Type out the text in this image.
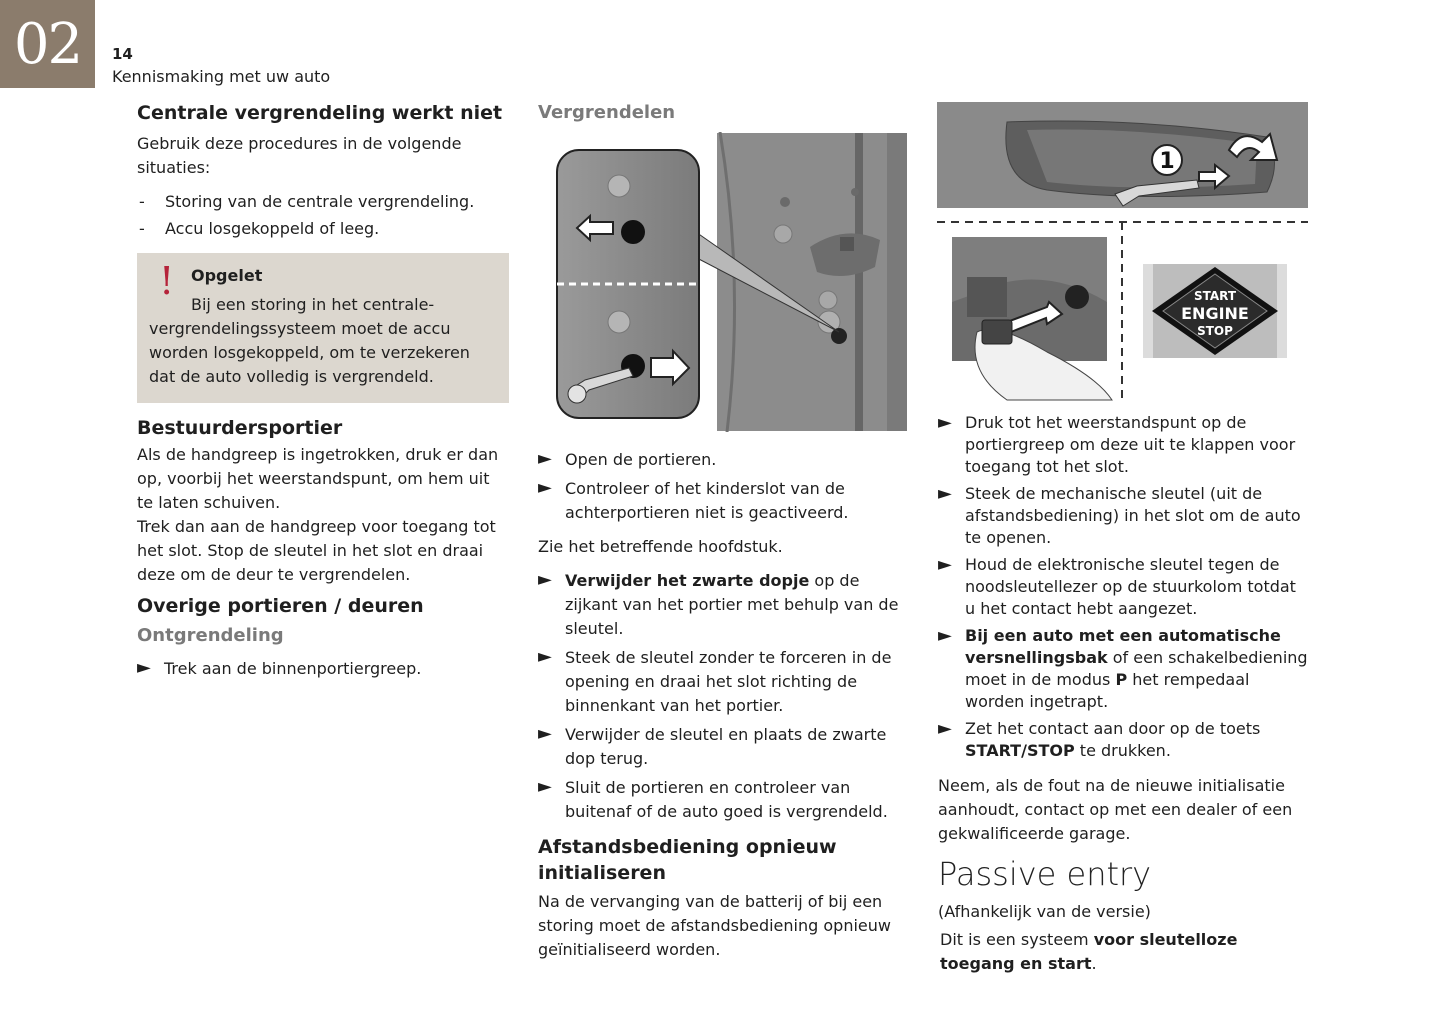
02 14
Kennismaking met uw auto
Centrale vergrendeling werkt niet

Gebruik deze procedures in de volgende situaties:

- Storing van de centrale vergrendeling.
- Accu losgekoppeld of leeg.
! Opgelet
Bij een storing in het centrale-vergrendelingssysteem moet de accu worden losgekoppeld, om te verzekeren dat de auto volledig is vergrendeld.
Bestuurdersportier

Als de handgreep is ingetrokken, druk er dan op, voorbij het weerstandspunt, om hem uit te laten schuiven.

Trek dan aan de handgreep voor toegang tot het slot. Stop de sleutel in het slot en draai deze om de deur te vergrendelen.

Overige portieren / deuren
Ontgrendeling
► Trek aan de binnenportiergreep.
Vergrendelen
► Open de portieren.
► Controleer of het kinderslot van de achterportieren niet is geactiveerd.

Zie het betreffende hoofdstuk.

► Verwijder het zwarte dopje op de zijkant van het portier met behulp van de sleutel.
► Steek de sleutel zonder te forceren in de opening en draai het slot richting de binnenkant van het portier.
► Verwijder de sleutel en plaats de zwarte dop terug.
► Sluit de portieren en controleer van buitenaf of de auto goed is vergrendeld.
Afstandsbediening opnieuw initialiseren

Na de vervanging van de batterij of bij een storing moet de afstandsbediening opnieuw geïnitialiseerd worden.

1
START
ENGINE
STOP
► Druk tot het weerstandspunt op de portiergreep om deze uit te klappen voor toegang tot het slot.
► Steek de mechanische sleutel (uit de afstandsbediening) in het slot om de auto te openen.
► Houd de elektronische sleutel tegen de noodsleutellezer op de stuurkolom totdat u het contact hebt aangezet.
► Bij een auto met een automatische versnellingsbak of een schakelbediening moet in de modus P het rempedaal worden ingetrapt.
► Zet het contact aan door op de toets START/STOP te drukken.

Neem, als de fout na de nieuwe initialisatie aanhoudt, contact op met een dealer of een gekwalificeerde garage.

Passive entry

(Afhankelijk van de versie)

Dit is een systeem voor sleutelloze toegang en start.
